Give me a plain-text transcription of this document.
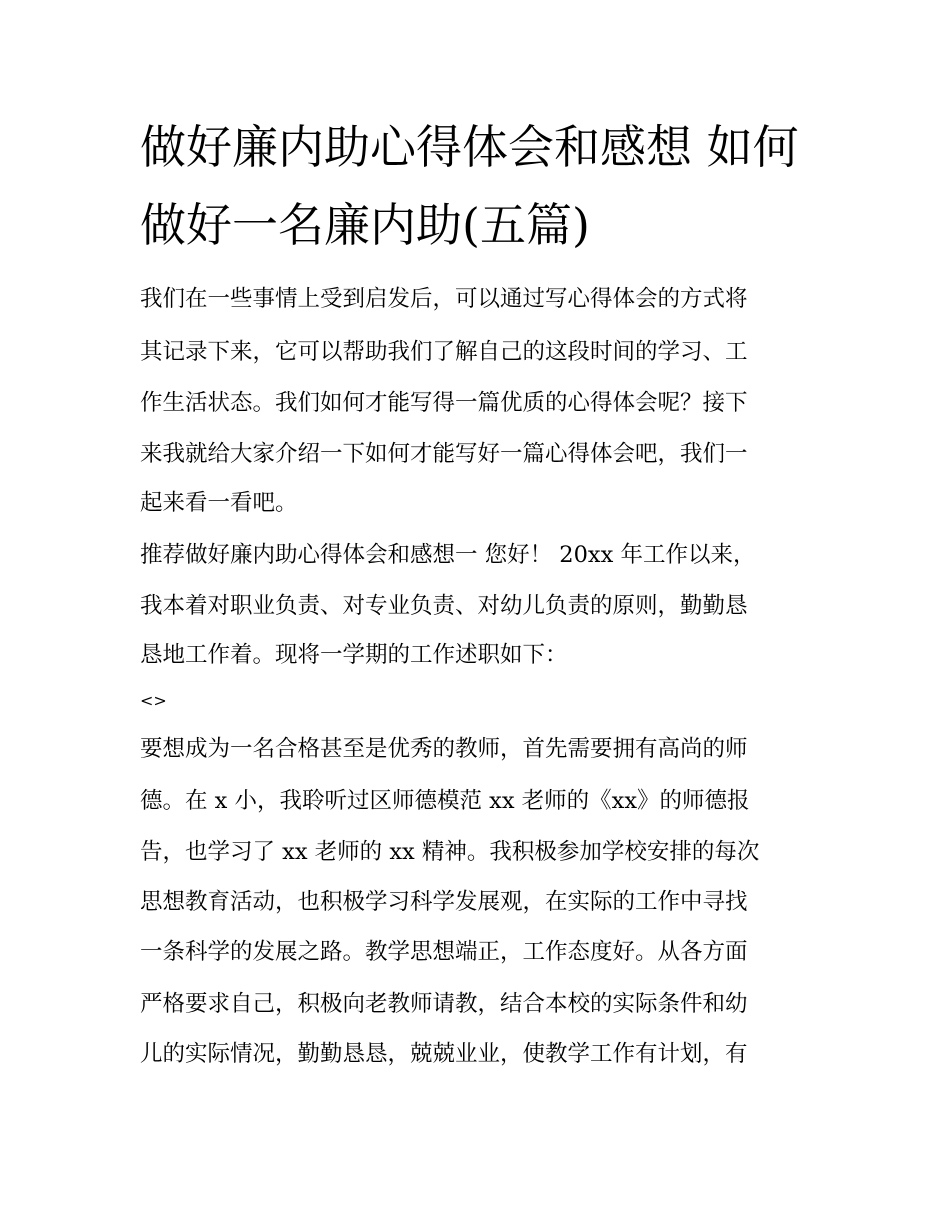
做好廉内助心得体会和感想 如何做好一名廉内助(五篇)

我们在一些事情上受到启发后，可以通过写心得体会的方式将

其记录下来，它可以帮助我们了解自己的这段时间的学习、工

作生活状态。我们如何才能写得一篇优质的心得体会呢？接下

来我就给大家介绍一下如何才能写好一篇心得体会吧，我们一

起来看一看吧。

推荐做好廉内助心得体会和感想一 您好！ 20xx 年工作以来，

我本着对职业负责、对专业负责、对幼儿负责的原则，勤勤恳

恳地工作着。现将一学期的工作述职如下：

<>

要想成为一名合格甚至是优秀的教师，首先需要拥有高尚的师

德。在 x 小，我聆听过区师德模范 xx 老师的《xx》的师德报

告，也学习了 xx 老师的 xx 精神。我积极参加学校安排的每次

思想教育活动，也积极学习科学发展观，在实际的工作中寻找

一条科学的发展之路。教学思想端正，工作态度好。从各方面

严格要求自己，积极向老教师请教，结合本校的实际条件和幼

儿的实际情况，勤勤恳恳，兢兢业业，使教学工作有计划，有
